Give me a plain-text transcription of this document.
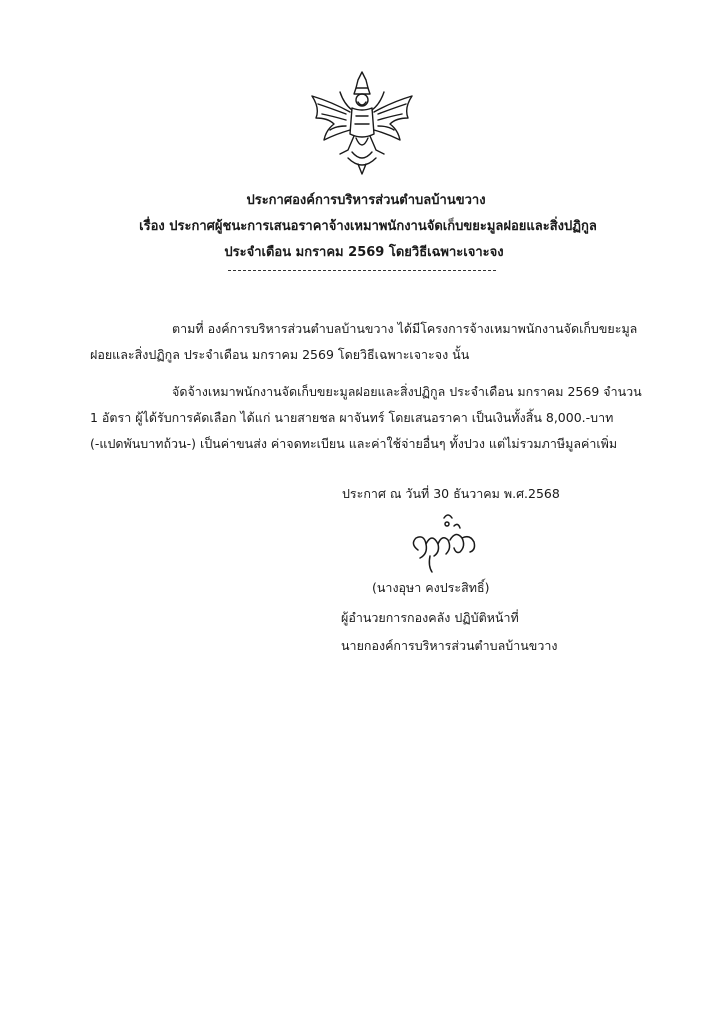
ประกาศองค์การบริหารส่วนตำบลบ้านขวาง
เรื่อง ประกาศผู้ชนะการเสนอราคาจ้างเหมาพนักงานจัดเก็บขยะมูลฝอยและสิ่งปฏิกูล
ประจำเดือน มกราคม 2569 โดยวิธีเฉพาะเจาะจง
ตามที่ องค์การบริหารส่วนตำบลบ้านขวาง ได้มีโครงการจ้างเหมาพนักงานจัดเก็บขยะมูล
ฝอยและสิ่งปฏิกูล ประจำเดือน มกราคม 2569 โดยวิธีเฉพาะเจาะจง นั้น
จัดจ้างเหมาพนักงานจัดเก็บขยะมูลฝอยและสิ่งปฏิกูล ประจำเดือน มกราคม 2569 จำนวน
1 อัตรา ผู้ได้รับการคัดเลือก ได้แก่ นายสายชล ผาจันทร์ โดยเสนอราคา เป็นเงินทั้งสิ้น 8,000.-บาท
(-แปดพันบาทถ้วน-) เป็นค่าขนส่ง ค่าจดทะเบียน และค่าใช้จ่ายอื่นๆ ทั้งปวง แต่ไม่รวมภาษีมูลค่าเพิ่ม
ประกาศ ณ วันที่ 30 ธันวาคม พ.ศ.2568
(นางอุษา คงประสิทธิ์)
ผู้อำนวยการกองคลัง ปฏิบัติหน้าที่
นายกองค์การบริหารส่วนตำบลบ้านขวาง
